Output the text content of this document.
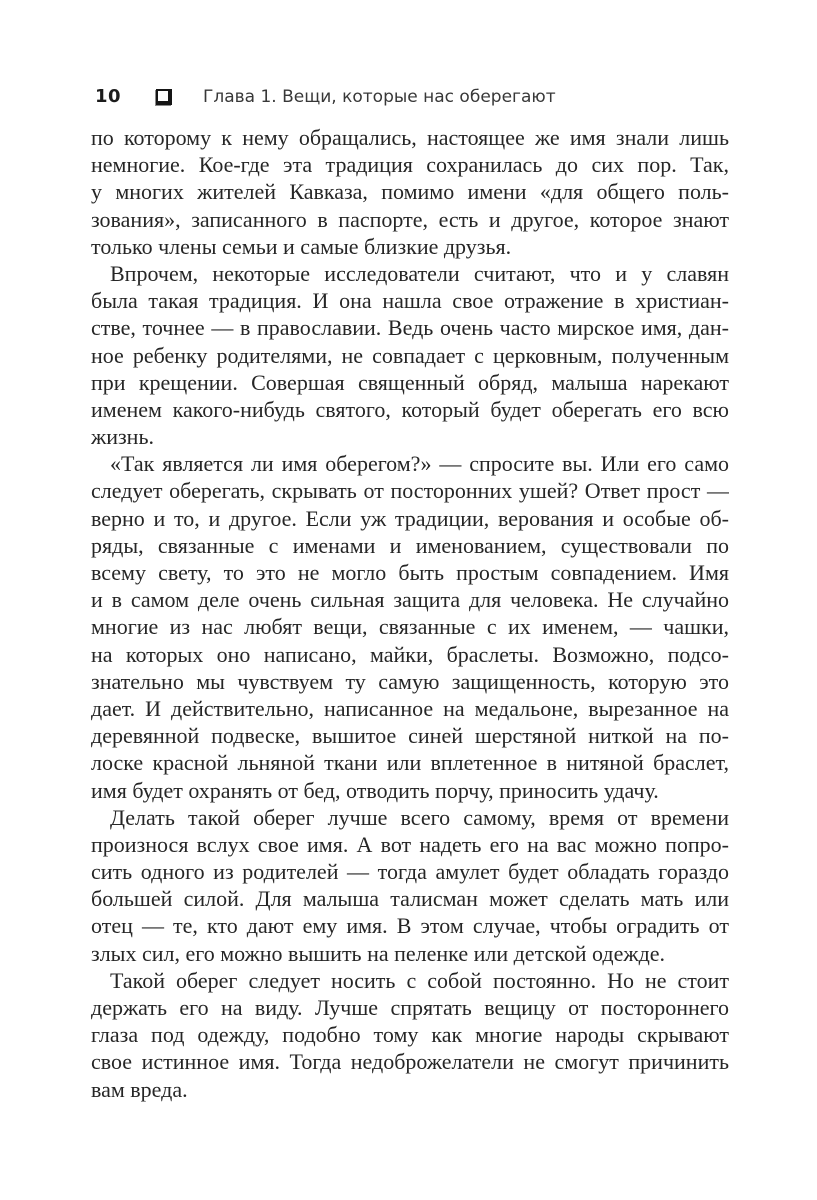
10	Глава 1. Вещи, которые нас оберегают
по которому к нему обращались, настоящее же имя знали лишь
немногие. Кое-где эта традиция сохранилась до сих пор. Так,
у многих жителей Кавказа, помимо имени «для общего поль-
зования», записанного в паспорте, есть и другое, которое знают
только члены семьи и самые близкие друзья.
Впрочем, некоторые исследователи считают, что и у славян
была такая традиция. И она нашла свое отражение в христиан-
стве, точнее — в православии. Ведь очень часто мирское имя, дан-
ное ребенку родителями, не совпадает с церковным, полученным
при крещении. Совершая священный обряд, малыша нарекают
именем какого-нибудь святого, который будет оберегать его всю
жизнь.
«Так является ли имя оберегом?» — спросите вы. Или его само
следует оберегать, скрывать от посторонних ушей? Ответ прост —
верно и то, и другое. Если уж традиции, верования и особые об-
ряды, связанные с именами и именованием, существовали по
всему свету, то это не могло быть простым совпадением. Имя
и в самом деле очень сильная защита для человека. Не случайно
многие из нас любят вещи, связанные с их именем, — чашки,
на которых оно написано, майки, браслеты. Возможно, подсо-
знательно мы чувствуем ту самую защищенность, которую это
дает. И действительно, написанное на медальоне, вырезанное на
деревянной подвеске, вышитое синей шерстяной ниткой на по-
лоске красной льняной ткани или вплетенное в нитяной браслет,
имя будет охранять от бед, отводить порчу, приносить удачу.
Делать такой оберег лучше всего самому, время от времени
произнося вслух свое имя. А вот надеть его на вас можно попро-
сить одного из родителей — тогда амулет будет обладать гораздо
большей силой. Для малыша талисман может сделать мать или
отец — те, кто дают ему имя. В этом случае, чтобы оградить от
злых сил, его можно вышить на пеленке или детской одежде.
Такой оберег следует носить с собой постоянно. Но не стоит
держать его на виду. Лучше спрятать вещицу от постороннего
глаза под одежду, подобно тому как многие народы скрывают
свое истинное имя. Тогда недоброжелатели не смогут причинить
вам вреда.
